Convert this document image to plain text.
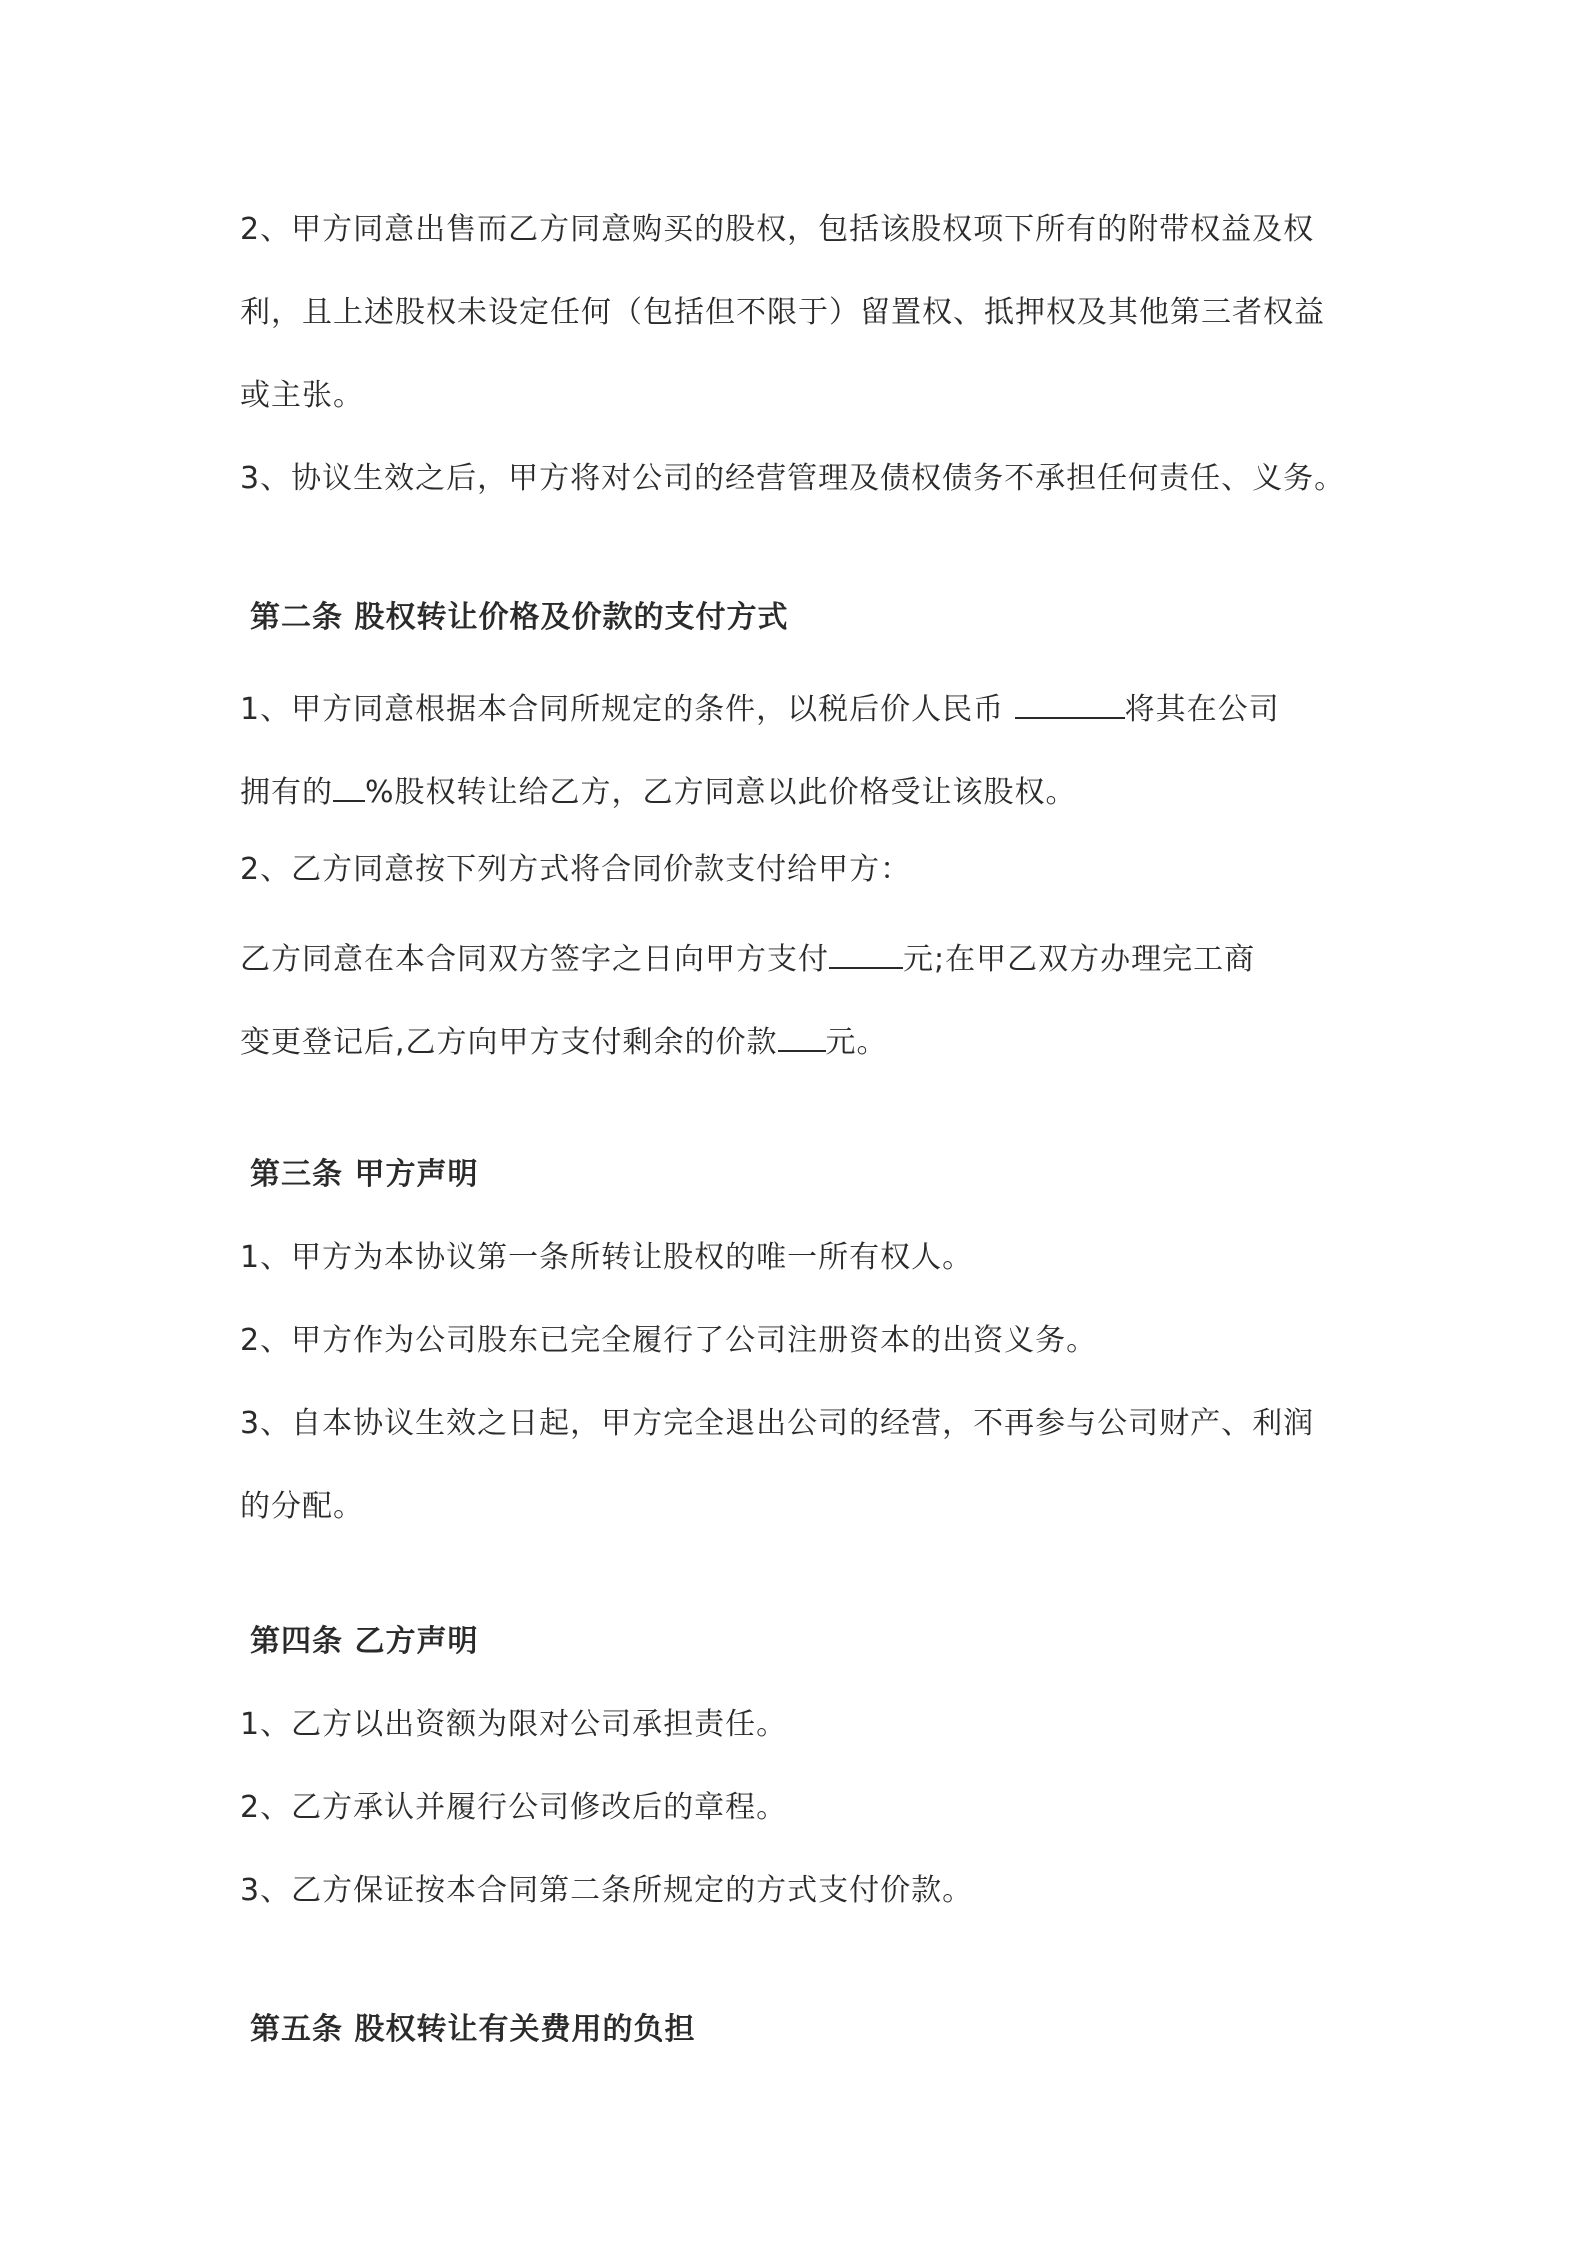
2、甲方同意出售而乙方同意购买的股权，包括该股权项下所有的附带权益及权
利，且上述股权未设定任何（包括但不限于）留置权、抵押权及其他第三者权益
或主张。
3、协议生效之后，甲方将对公司的经营管理及债权债务不承担任何责任、义务。
第二条 股权转让价格及价款的支付方式
1、甲方同意根据本合同所规定的条件，以税后价人民币	将其在公司
拥有的 %股权转让给乙方，乙方同意以此价格受让该股权。
2、乙方同意按下列方式将合同价款支付给甲方：
乙方同意在本合同双方签字之日向甲方支付 元;在甲乙双方办理完工商
变更登记后,乙方向甲方支付剩余的价款 元。
第三条 甲方声明
1、甲方为本协议第一条所转让股权的唯一所有权人。
2、甲方作为公司股东已完全履行了公司注册资本的出资义务。
3、自本协议生效之日起，甲方完全退出公司的经营，不再参与公司财产、利润
的分配。
第四条 乙方声明
1、乙方以出资额为限对公司承担责任。
2、乙方承认并履行公司修改后的章程。
3、乙方保证按本合同第二条所规定的方式支付价款。
第五条 股权转让有关费用的负担
